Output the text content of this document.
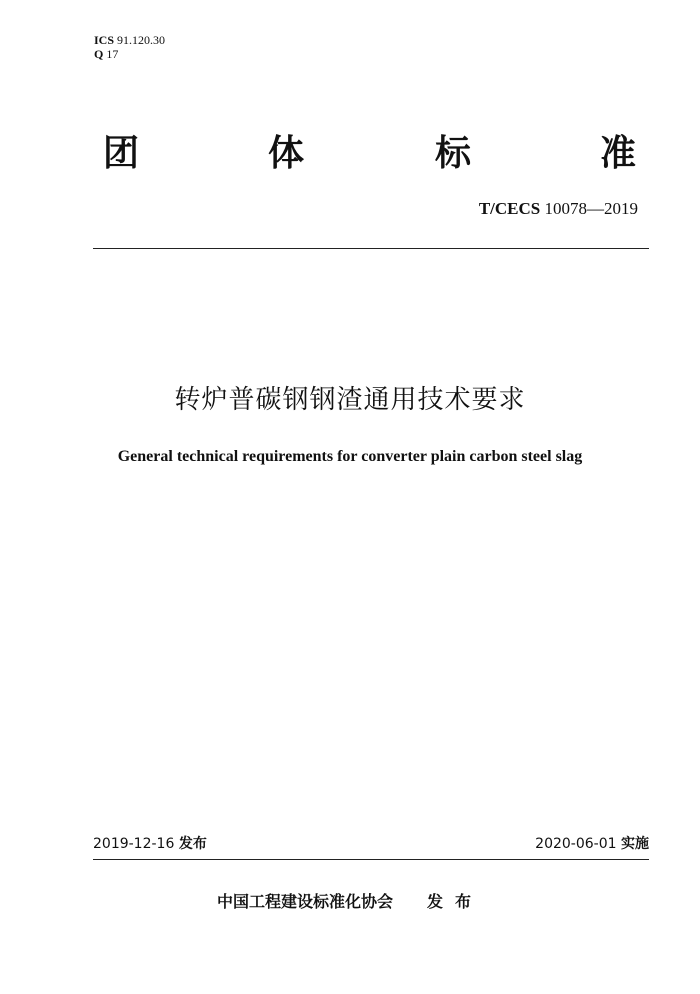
ICS 91.120.30
Q 17
团	体	标	准
T/CECS 10078—2019
转炉普碳钢钢渣通用技术要求
General technical requirements for converter plain carbon steel slag
2019-12-16 发布	2020-06-01 实施
中国工程建设标准化协会 发布
